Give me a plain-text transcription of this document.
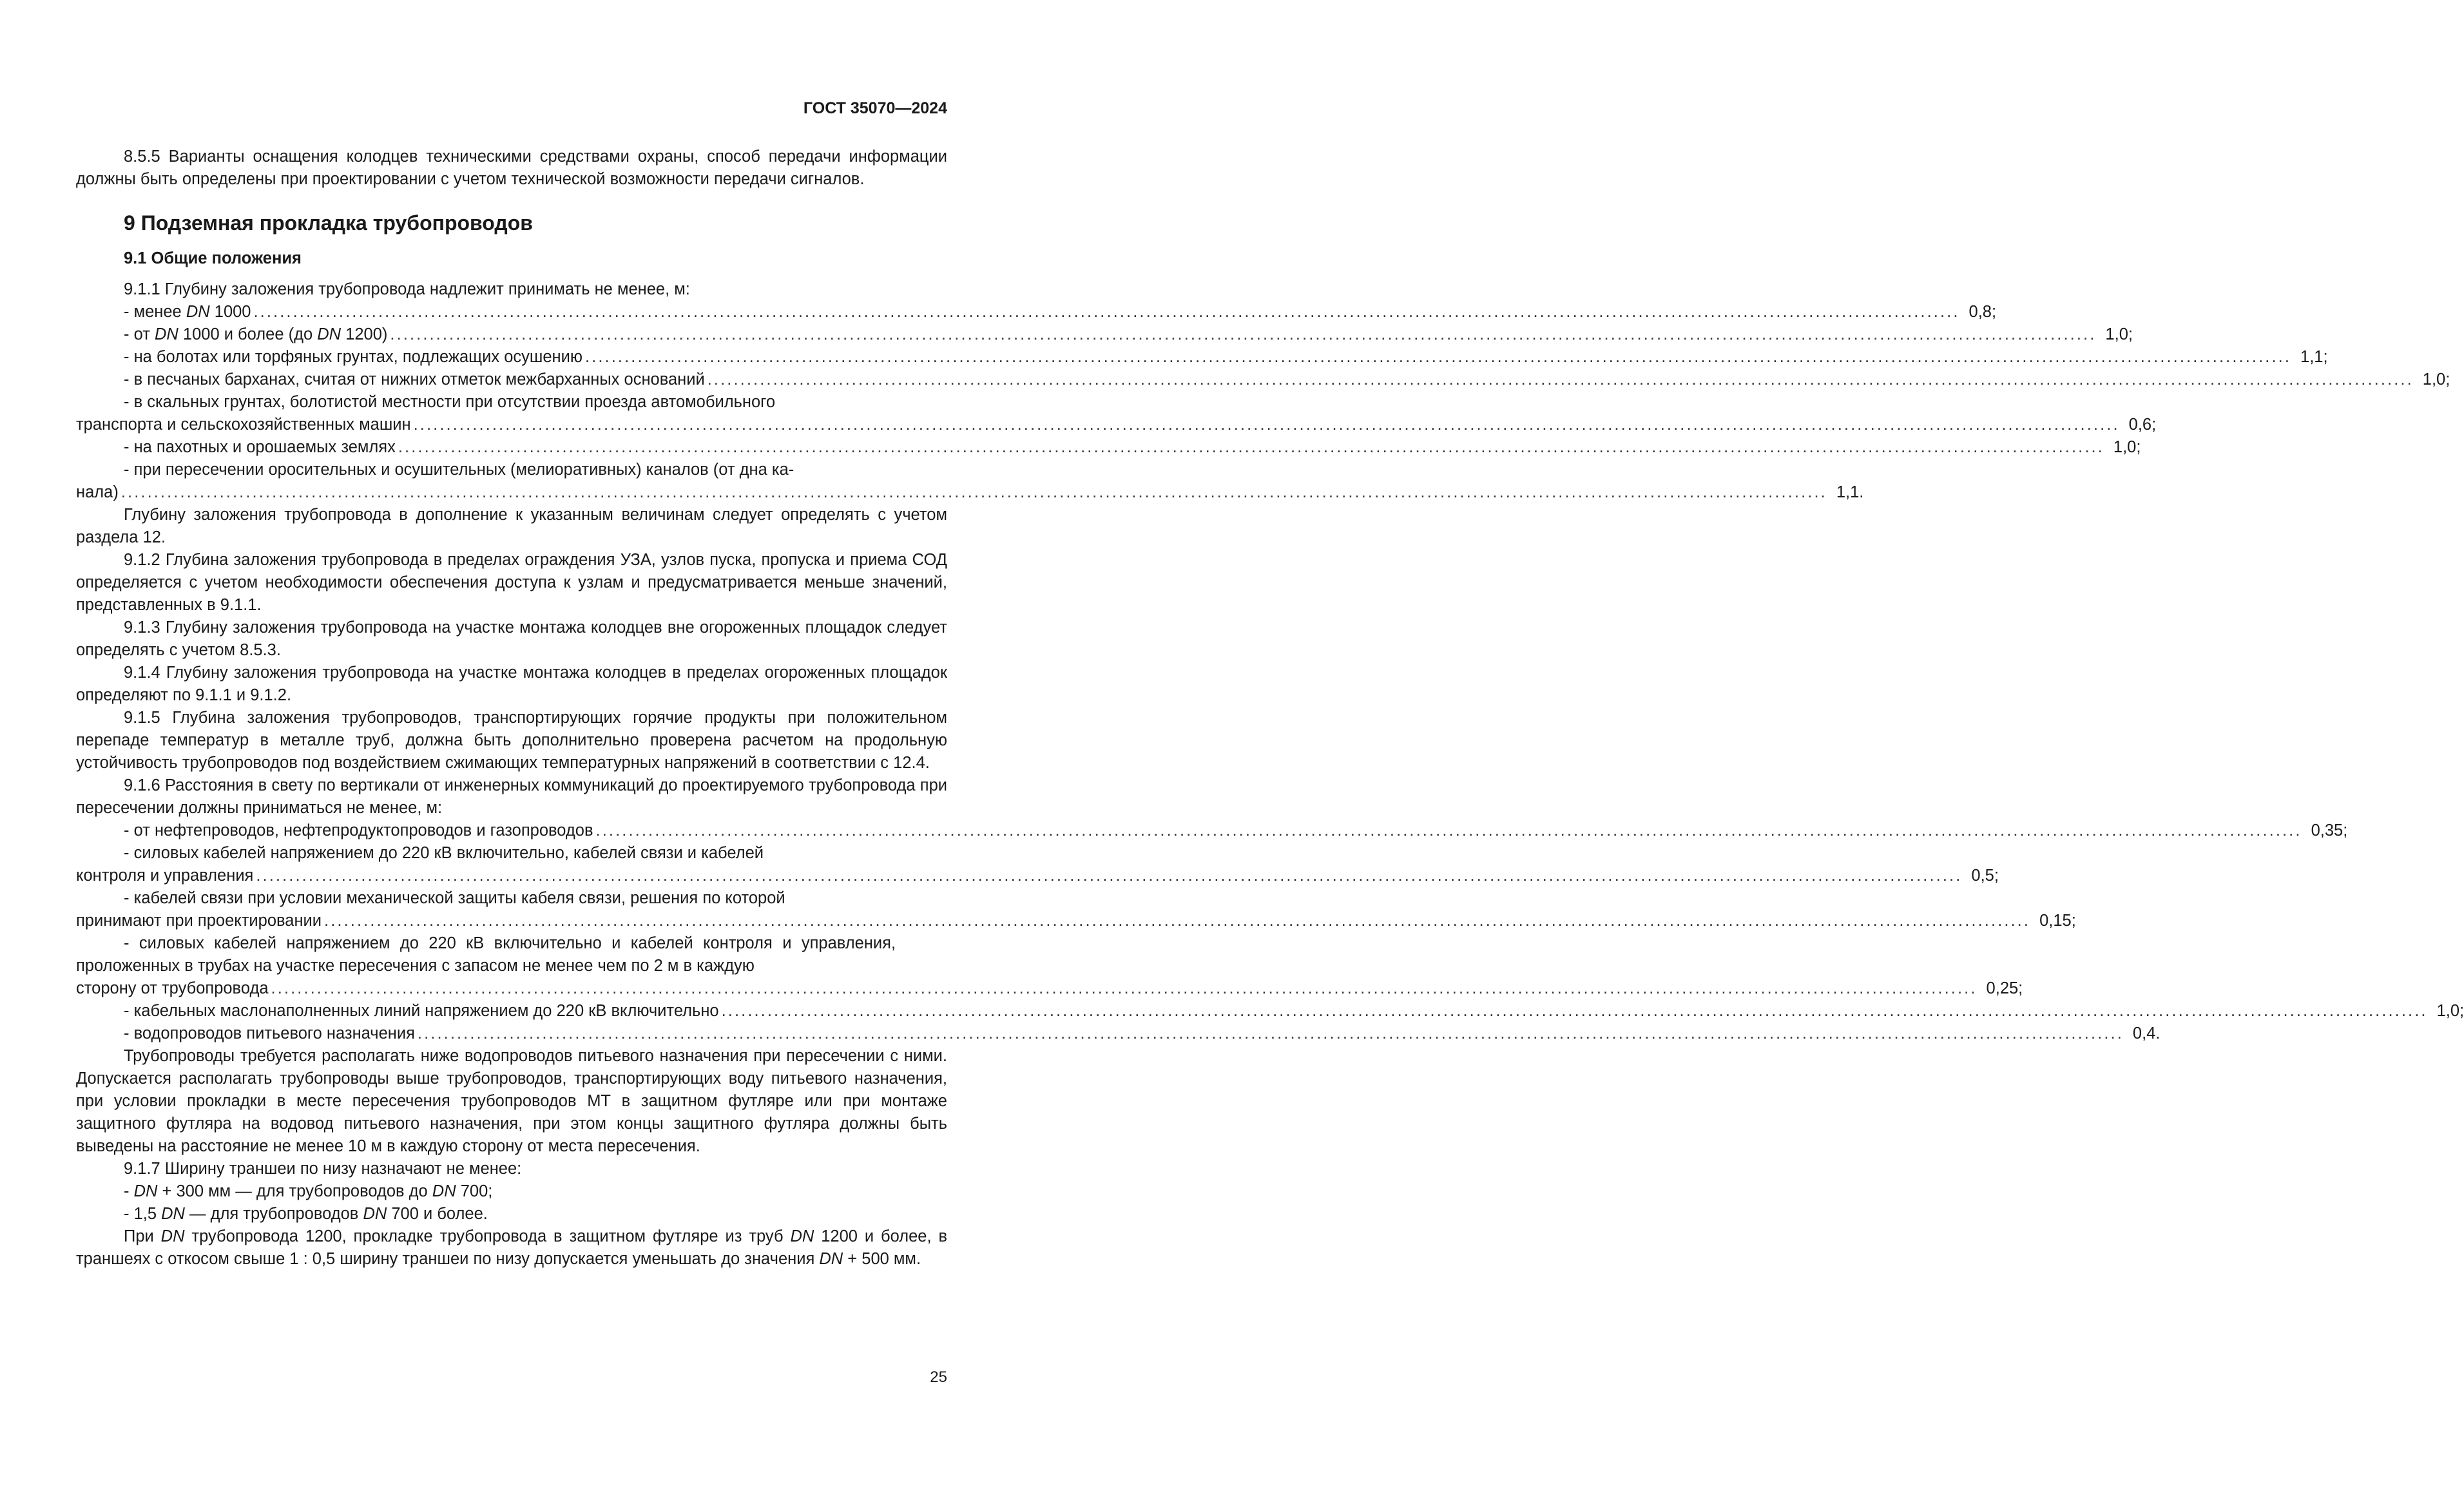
ГОСТ 35070—2024

8.5.5 Варианты оснащения колодцев техническими средствами охраны, способ передачи информации должны быть определены при проектировании с учетом технической возможности передачи сигналов.

9 Подземная прокладка трубопроводов
9.1 Общие положения

9.1.1 Глубину заложения трубопровода надлежит принимать не менее, м:

- менее DN 1000 .................................................................................................................................................................................................................................................................... 0,8;
- от DN 1000 и более (до DN 1200) .................................................................................................................................................................................................................................................................... 1,0;
- на болотах или торфяных грунтах, подлежащих осушению .................................................................................................................................................................................................................................................................... 1,1;
- в песчаных барханах, считая от нижних отметок межбарханных оснований .................................................................................................................................................................................................................................................................... 1,0;

- в скальных грунтах, болотистой местности при отсутствии проезда автомобильного

транспорта и сельскохозяйственных машин .................................................................................................................................................................................................................................................................... 0,6;
- на пахотных и орошаемых землях .................................................................................................................................................................................................................................................................... 1,0;

- при пересечении оросительных и осушительных (мелиоративных) каналов (от дна ка-

нала) .................................................................................................................................................................................................................................................................... 1,1.

Глубину заложения трубопровода в дополнение к указанным величинам следует определять с учетом раздела 12.

9.1.2 Глубина заложения трубопровода в пределах ограждения УЗА, узлов пуска, пропуска и приема СОД определяется с учетом необходимости обеспечения доступа к узлам и предусматривается меньше значений, представленных в 9.1.1.

9.1.3 Глубину заложения трубопровода на участке монтажа колодцев вне огороженных площадок следует определять с учетом 8.5.3.

9.1.4 Глубину заложения трубопровода на участке монтажа колодцев в пределах огороженных площадок определяют по 9.1.1 и 9.1.2.

9.1.5 Глубина заложения трубопроводов, транспортирующих горячие продукты при положительном перепаде температур в металле труб, должна быть дополнительно проверена расчетом на продольную устойчивость трубопроводов под воздействием сжимающих температурных напряжений в соответствии с 12.4.

9.1.6 Расстояния в свету по вертикали от инженерных коммуникаций до проектируемого трубопровода при пересечении должны приниматься не менее, м:

- от нефтепроводов, нефтепродуктопроводов и газопроводов .................................................................................................................................................................................................................................................................... 0,35;

- силовых кабелей напряжением до 220 кВ включительно, кабелей связи и кабелей

контроля и управления .................................................................................................................................................................................................................................................................... 0,5;

- кабелей связи при условии механической защиты кабеля связи, решения по которой

принимают при проектировании .................................................................................................................................................................................................................................................................... 0,15;

- силовых кабелей напряжением до 220 кВ включительно и кабелей контроля и управления, проложенных в трубах на участке пересечения с запасом не менее чем по 2 м в каждую

сторону от трубопровода .................................................................................................................................................................................................................................................................... 0,25;
- кабельных маслонаполненных линий напряжением до 220 кВ включительно .................................................................................................................................................................................................................................................................... 1,0;
- водопроводов питьевого назначения .................................................................................................................................................................................................................................................................... 0,4.

Трубопроводы требуется располагать ниже водопроводов питьевого назначения при пересечении с ними. Допускается располагать трубопроводы выше трубопроводов, транспортирующих воду питьевого назначения, при условии прокладки в месте пересечения трубопроводов МТ в защитном футляре или при монтаже защитного футляра на водовод питьевого назначения, при этом концы защитного футляра должны быть выведены на расстояние не менее 10 м в каждую сторону от места пересечения.

9.1.7 Ширину траншеи по низу назначают не менее:

- DN + 300 мм — для трубопроводов до DN 700;

- 1,5 DN — для трубопроводов DN 700 и более.

При DN трубопровода 1200, прокладке трубопровода в защитном футляре из труб DN 1200 и более, в траншеях с откосом свыше 1 : 0,5 ширину траншеи по низу допускается уменьшать до значения DN + 500 мм.

25
